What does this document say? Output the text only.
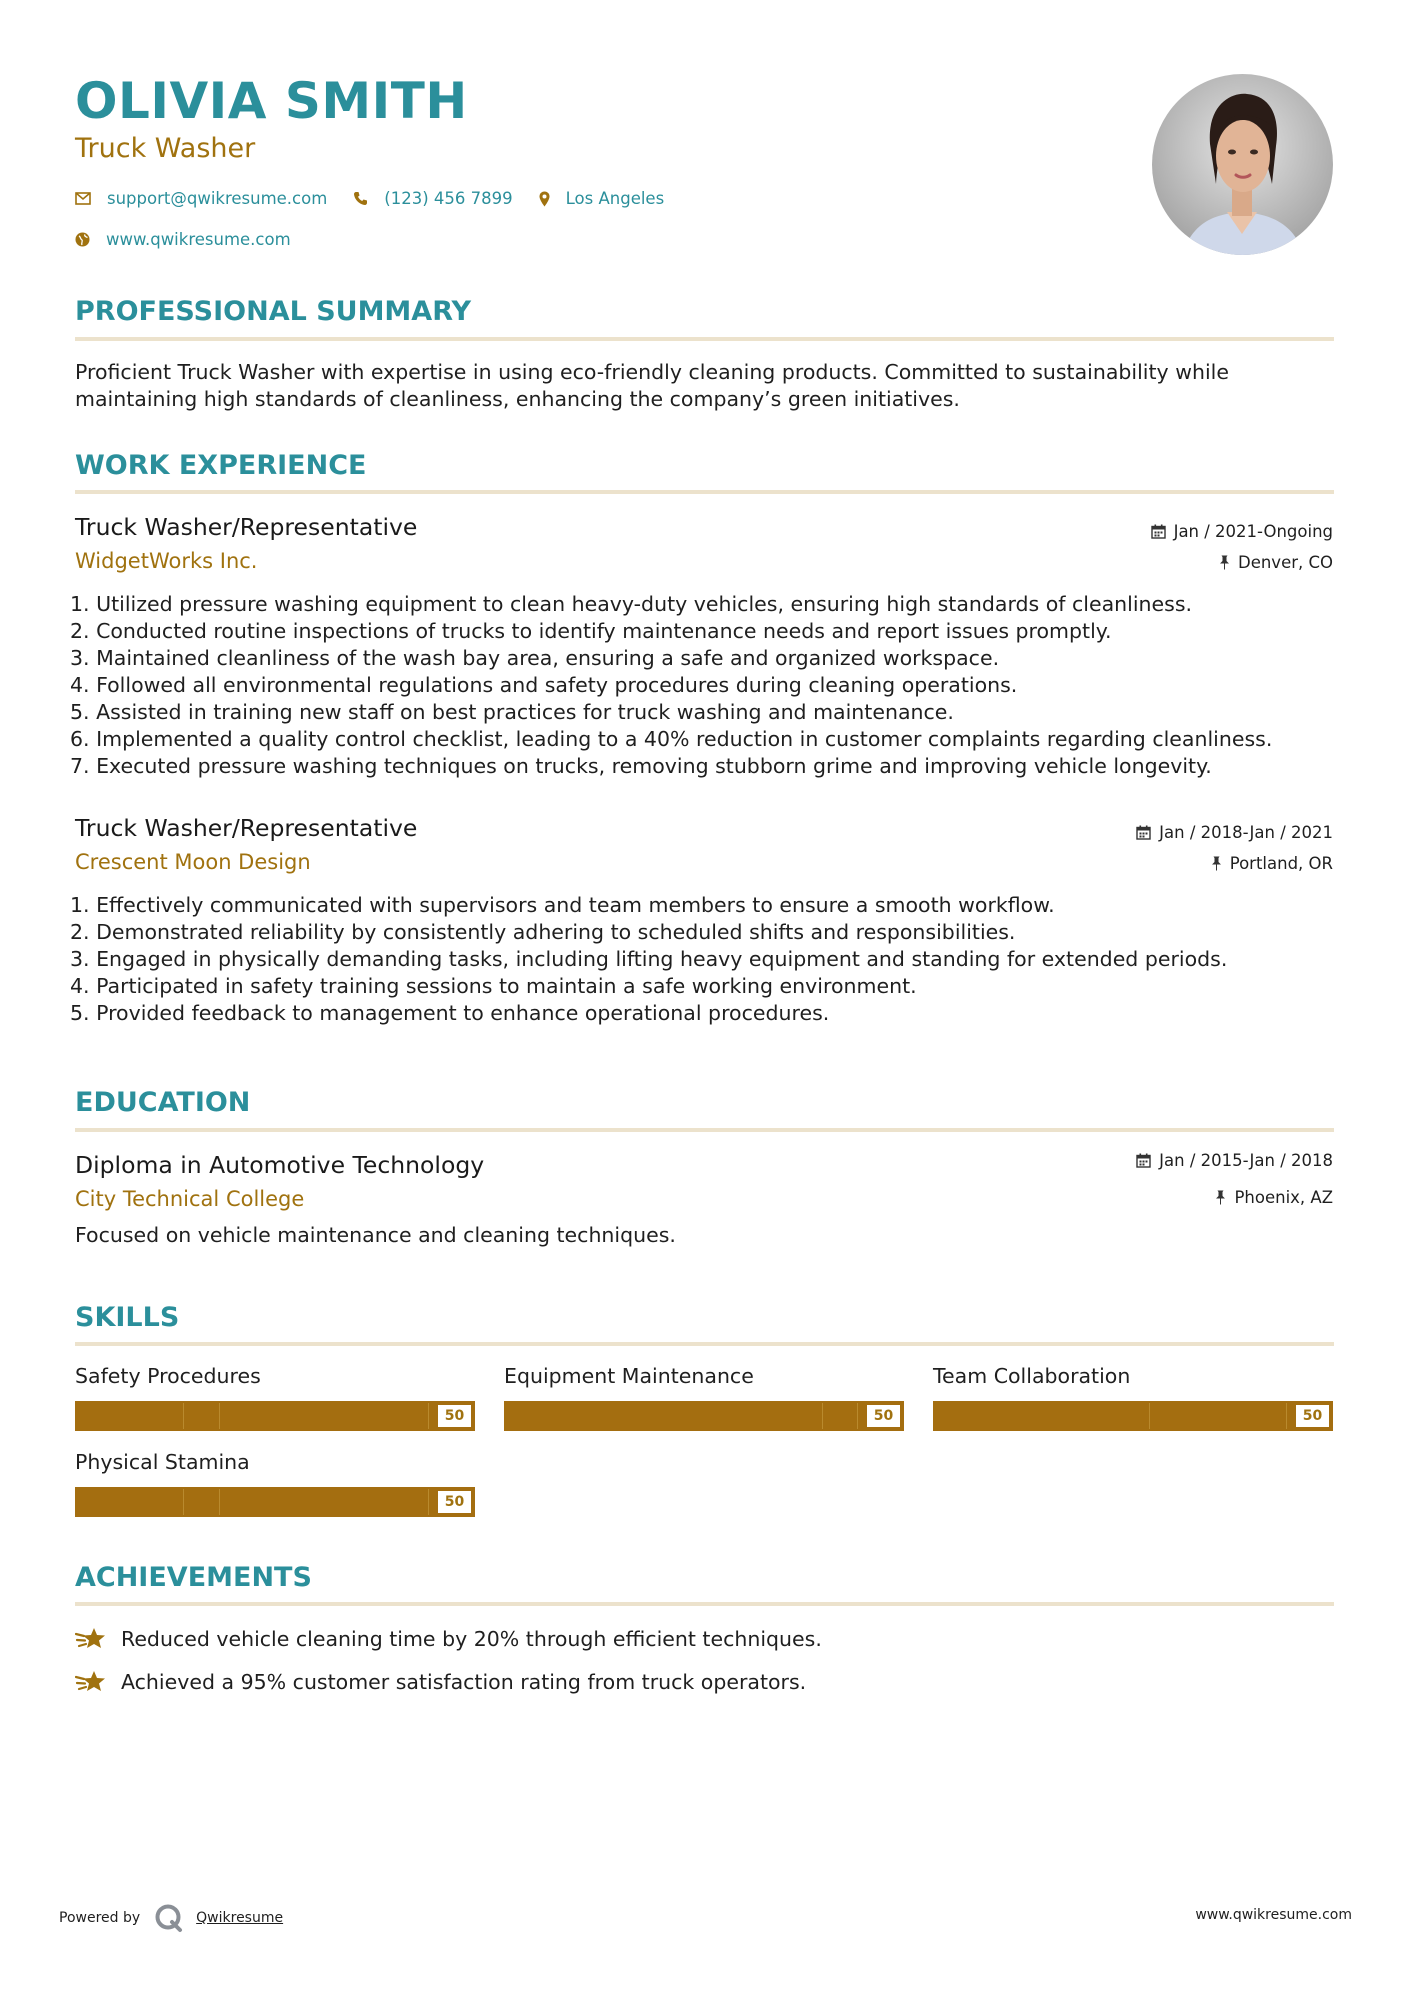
OLIVIA SMITH
Truck Washer
support@qwikresume.com	(123) 456 7899	Los Angeles
www.qwikresume.com
PROFESSIONAL SUMMARY
Proficient Truck Washer with expertise in using eco-friendly cleaning products. Committed to sustainability while
maintaining high standards of cleanliness, enhancing the company’s green initiatives.
WORK EXPERIENCE
Truck Washer/Representative
WidgetWorks Inc.
Jan / 2021-Ongoing
Denver, CO
1. Utilized pressure washing equipment to clean heavy-duty vehicles, ensuring high standards of cleanliness.
2. Conducted routine inspections of trucks to identify maintenance needs and report issues promptly.
3. Maintained cleanliness of the wash bay area, ensuring a safe and organized workspace.
4. Followed all environmental regulations and safety procedures during cleaning operations.
5. Assisted in training new staff on best practices for truck washing and maintenance.
6. Implemented a quality control checklist, leading to a 40% reduction in customer complaints regarding cleanliness.
7. Executed pressure washing techniques on trucks, removing stubborn grime and improving vehicle longevity.
Truck Washer/Representative
Crescent Moon Design
Jan / 2018-Jan / 2021
Portland, OR
1. Effectively communicated with supervisors and team members to ensure a smooth workflow.
2. Demonstrated reliability by consistently adhering to scheduled shifts and responsibilities.
3. Engaged in physically demanding tasks, including lifting heavy equipment and standing for extended periods.
4. Participated in safety training sessions to maintain a safe working environment.
5. Provided feedback to management to enhance operational procedures.
EDUCATION
Diploma in Automotive Technology
City Technical College
Jan / 2015-Jan / 2018
Phoenix, AZ
Focused on vehicle maintenance and cleaning techniques.
SKILLS
Safety Procedures
50
Equipment Maintenance
50
Team Collaboration
50
Physical Stamina
50
ACHIEVEMENTS
Reduced vehicle cleaning time by 20% through efficient techniques.
Achieved a 95% customer satisfaction rating from truck operators.
Powered by	Qwikresume	www.qwikresume.com
